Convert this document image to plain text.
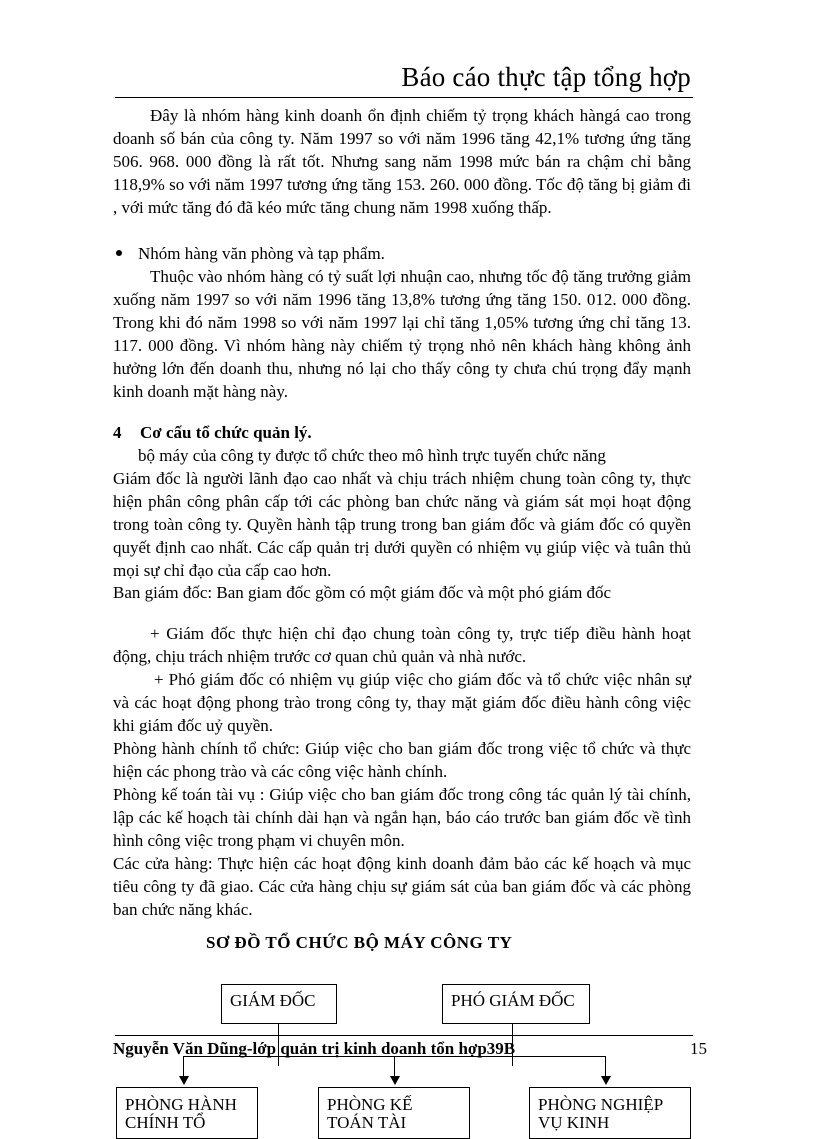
Báo cáo thực tập tổng hợp
Đây là nhóm hàng kinh doanh ổn định chiếm tỷ trọng khách hàngá cao trong doanh số bán của công ty. Năm 1997 so với năm 1996 tăng 42,1% tương ứng tăng 506. 968. 000 đồng là rất tốt. Nhưng sang năm 1998 mức bán ra chậm chỉ bằng 118,9% so với năm 1997 tương ứng tăng 153. 260. 000 đồng. Tốc độ tăng bị giảm đi , với mức tăng đó đã kéo mức tăng chung năm 1998 xuống thấp.
Nhóm hàng văn phòng và tạp phẩm.
Thuộc vào nhóm hàng có tỷ suất lợi nhuận cao, nhưng tốc độ tăng trưởng giảm xuống năm 1997 so với năm 1996 tăng 13,8% tương ứng tăng 150. 012. 000 đồng. Trong khi đó năm 1998 so với năm 1997 lại chỉ tăng 1,05% tương ứng chỉ tăng 13. 117. 000 đồng. Vì nhóm hàng này chiếm tỷ trọng nhỏ nên khách hàng không ảnh hưởng lớn đến doanh thu, nhưng nó lại cho thấy công ty chưa chú trọng đẩy mạnh kinh doanh mặt hàng này.
4 Cơ cấu tổ chức quản lý.
bộ máy của công ty được tổ chức theo mô hình trực tuyến chức năng
Giám đốc là người lãnh đạo cao nhất và chịu trách nhiệm chung toàn công ty, thực hiện phân công phân cấp tới các phòng ban chức năng và giám sát mọi hoạt động trong toàn công ty. Quyền hành tập trung trong ban giám đốc và giám đốc có quyền quyết định cao nhất. Các cấp quản trị dưới quyền có nhiệm vụ giúp việc và tuân thủ mọi sự chỉ đạo của cấp cao hơn.
Ban giám đốc: Ban giam đốc gồm có một giám đốc và một phó giám đốc
+ Giám đốc thực hiện chỉ đạo chung toàn công ty, trực tiếp điều hành hoạt động, chịu trách nhiệm trước cơ quan chủ quản và nhà nước.
+ Phó giám đốc có nhiệm vụ giúp việc cho giám đốc và tổ chức việc nhân sự và các hoạt động phong trào trong công ty, thay mặt giám đốc điều hành công việc khi giám đốc uỷ quyền.
Phòng hành chính tổ chức: Giúp việc cho ban giám đốc trong việc tổ chức và thực hiện các phong trào và các công việc hành chính.
Phòng kế toán tài vụ : Giúp việc cho ban giám đốc trong công tác quản lý tài chính, lập các kế hoạch tài chính dài hạn và ngắn hạn, báo cáo trước ban giám đốc về tình hình công việc trong phạm vi chuyên môn.
Các cửa hàng: Thực hiện các hoạt động kinh doanh đảm bảo các kế hoạch và mục tiêu công ty đã giao. Các cửa hàng chịu sự giám sát của ban giám đốc và các phòng ban chức năng khác.
SƠ ĐỒ TỔ CHỨC BỘ MÁY CÔNG TY
GIÁM ĐỐC	PHÓ GIÁM ĐỐC
PHÒNG HÀNH CHÍNH TỔ
PHÒNG KẾ TOÁN TÀI
PHÒNG NGHIỆP VỤ KINH
Nguyễn Văn Dũng-lớp quản trị kinh doanh tổn hợp39B	15
